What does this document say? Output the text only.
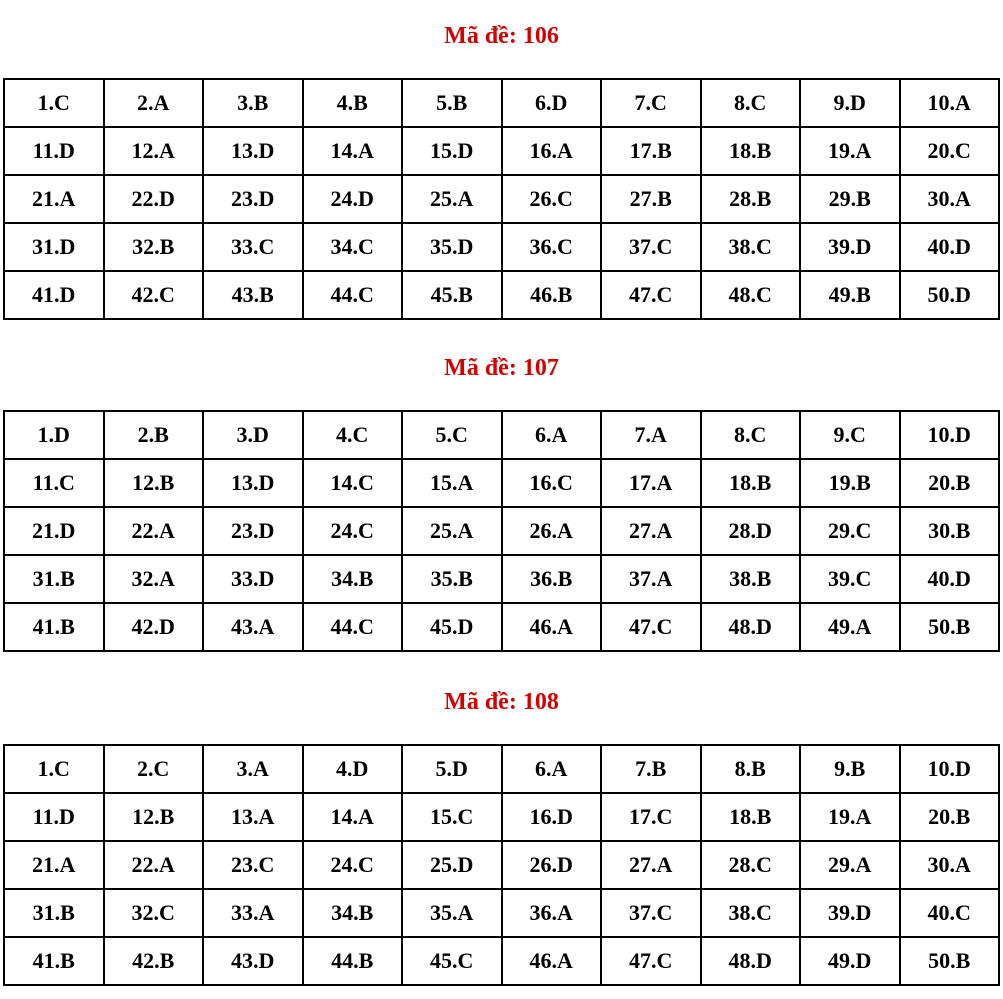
Mã đề: 106
1.C	2.A	3.B	4.B	5.B	6.D	7.C	8.C	9.D	10.A
11.D	12.A	13.D	14.A	15.D	16.A	17.B	18.B	19.A	20.C
21.A	22.D	23.D	24.D	25.A	26.C	27.B	28.B	29.B	30.A
31.D	32.B	33.C	34.C	35.D	36.C	37.C	38.C	39.D	40.D
41.D	42.C	43.B	44.C	45.B	46.B	47.C	48.C	49.B	50.D
Mã đề: 107
1.D	2.B	3.D	4.C	5.C	6.A	7.A	8.C	9.C	10.D
11.C	12.B	13.D	14.C	15.A	16.C	17.A	18.B	19.B	20.B
21.D	22.A	23.D	24.C	25.A	26.A	27.A	28.D	29.C	30.B
31.B	32.A	33.D	34.B	35.B	36.B	37.A	38.B	39.C	40.D
41.B	42.D	43.A	44.C	45.D	46.A	47.C	48.D	49.A	50.B
Mã đề: 108
1.C	2.C	3.A	4.D	5.D	6.A	7.B	8.B	9.B	10.D
11.D	12.B	13.A	14.A	15.C	16.D	17.C	18.B	19.A	20.B
21.A	22.A	23.C	24.C	25.D	26.D	27.A	28.C	29.A	30.A
31.B	32.C	33.A	34.B	35.A	36.A	37.C	38.C	39.D	40.C
41.B	42.B	43.D	44.B	45.C	46.A	47.C	48.D	49.D	50.B
